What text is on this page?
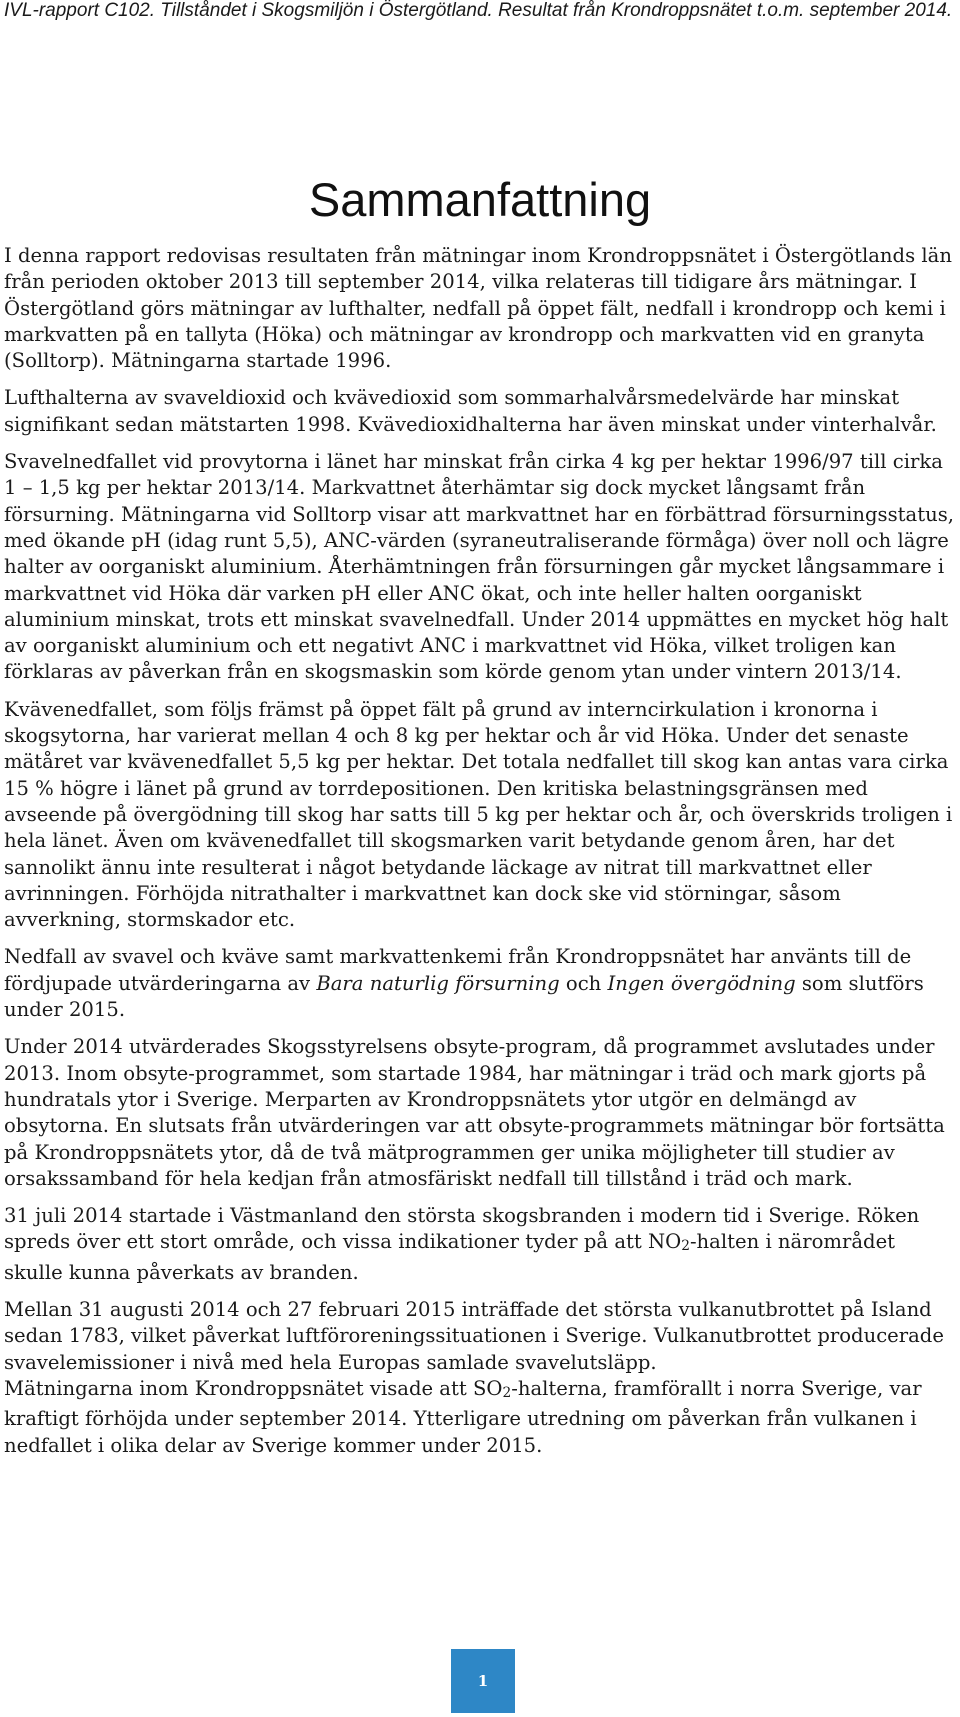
IVL-rapport C102. Tillståndet i Skogsmiljön i Östergötland. Resultat från Krondroppsnätet t.o.m. september 2014.
Sammanfattning

I denna rapport redovisas resultaten från mätningar inom Krondroppsnätet i Östergötlands län från perioden oktober 2013 till september 2014, vilka relateras till tidigare års mätningar. I Östergötland görs mätningar av lufthalter, nedfall på öppet fält, nedfall i krondropp och kemi i markvatten på en tallyta (Höka) och mätningar av krondropp och markvatten vid en granyta (Solltorp). Mätningarna startade 1996.

Lufthalterna av svaveldioxid och kvävedioxid som sommarhalvårsmedelvärde har minskat signifikant sedan mätstarten 1998. Kvävedioxidhalterna har även minskat under vinterhalvår.

Svavelnedfallet vid provytorna i länet har minskat från cirka 4 kg per hektar 1996/97 till cirka 1 – 1,5 kg per hektar 2013/14. Markvattnet återhämtar sig dock mycket långsamt från försurning. Mätningarna vid Solltorp visar att markvattnet har en förbättrad försurningsstatus, med ökande pH (idag runt 5,5), ANC-värden (syraneutraliserande förmåga) över noll och lägre halter av oorganiskt aluminium. Återhämtningen från försurningen går mycket långsammare i markvattnet vid Höka där varken pH eller ANC ökat, och inte heller halten oorganiskt aluminium minskat, trots ett minskat svavelnedfall. Under 2014 uppmättes en mycket hög halt av oorganiskt aluminium och ett negativt ANC i markvattnet vid Höka, vilket troligen kan förklaras av påverkan från en skogsmaskin som körde genom ytan under vintern 2013/14.

Kvävenedfallet, som följs främst på öppet fält på grund av interncirkulation i kronorna i skogsytorna, har varierat mellan 4 och 8 kg per hektar och år vid Höka. Under det senaste mätåret var kvävenedfallet 5,5 kg per hektar. Det totala nedfallet till skog kan antas vara cirka 15 % högre i länet på grund av torrdepositionen. Den kritiska belastningsgränsen med avseende på övergödning till skog har satts till 5 kg per hektar och år, och överskrids troligen i hela länet. Även om kvävenedfallet till skogsmarken varit betydande genom åren, har det sannolikt ännu inte resulterat i något betydande läckage av nitrat till markvattnet eller avrinningen. Förhöjda nitrathalter i markvattnet kan dock ske vid störningar, såsom avverkning, stormskador etc.

Nedfall av svavel och kväve samt markvattenkemi från Krondroppsnätet har använts till de fördjupade utvärderingarna av Bara naturlig försurning och Ingen övergödning som slutförs under 2015.

Under 2014 utvärderades Skogsstyrelsens obsyte-program, då programmet avslutades under 2013. Inom obsyte-programmet, som startade 1984, har mätningar i träd och mark gjorts på hundratals ytor i Sverige. Merparten av Krondroppsnätets ytor utgör en delmängd av obsytorna. En slutsats från utvärderingen var att obsyte-programmets mätningar bör fortsätta på Krondroppsnätets ytor, då de två mätprogrammen ger unika möjligheter till studier av orsakssamband för hela kedjan från atmosfäriskt nedfall till tillstånd i träd och mark.

31 juli 2014 startade i Västmanland den största skogsbranden i modern tid i Sverige. Röken spreds över ett stort område, och vissa indikationer tyder på att NO2-halten i närområdet skulle kunna påverkats av branden.

Mellan 31 augusti 2014 och 27 februari 2015 inträffade det största vulkanutbrottet på Island sedan 1783, vilket påverkat luftföroreningssituationen i Sverige. Vulkanutbrottet producerade svavelemissioner i nivå med hela Europas samlade svavelutsläpp.

Mätningarna inom Krondroppsnätet visade att SO2-halterna, framförallt i norra Sverige, var kraftigt förhöjda under september 2014. Ytterligare utredning om påverkan från vulkanen i nedfallet i olika delar av Sverige kommer under 2015.

1
